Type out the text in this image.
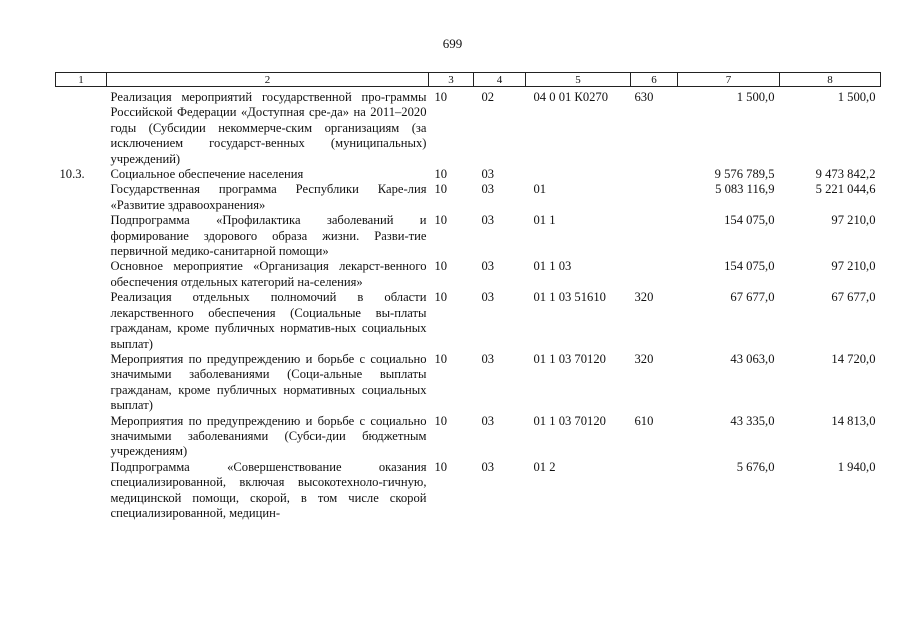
699
1	2	3	4	5	6	7	8
	Реализация мероприятий государственной про-граммы Российской Федерации «Доступная сре-да» на 2011–2020 годы (Субсидии некоммерче-ским организациям (за исключением государст-венных (муниципальных) учреждений)	10	02	04 0 01 К0270	630	1 500,0	1 500,0
10.3.	Социальное обеспечение населения	10	03			9 576 789,5	9 473 842,2
	Государственная программа Республики Каре-лия «Развитие здравоохранения»	10	03	01		5 083 116,9	5 221 044,6
	Подпрограмма «Профилактика заболеваний и формирование здорового образа жизни. Разви-тие первичной медико-санитарной помощи»	10	03	01 1		154 075,0	97 210,0
	Основное мероприятие «Организация лекарст-венного обеспечения отдельных категорий на-селения»	10	03	01 1 03		154 075,0	97 210,0
	Реализация отдельных полномочий в области лекарственного обеспечения (Социальные вы-платы гражданам, кроме публичных норматив-ных социальных выплат)	10	03	01 1 03 51610	320	67 677,0	67 677,0
	Мероприятия по предупреждению и борьбе с социально значимыми заболеваниями (Соци-альные выплаты гражданам, кроме публичных нормативных социальных выплат)	10	03	01 1 03 70120	320	43 063,0	14 720,0
	Мероприятия по предупреждению и борьбе с социально значимыми заболеваниями (Субси-дии бюджетным учреждениям)	10	03	01 1 03 70120	610	43 335,0	14 813,0
	Подпрограмма «Совершенствование оказания специализированной, включая высокотехноло-гичную, медицинской помощи, скорой, в том числе скорой специализированной, медицин-	10	03	01 2		5 676,0	1 940,0
